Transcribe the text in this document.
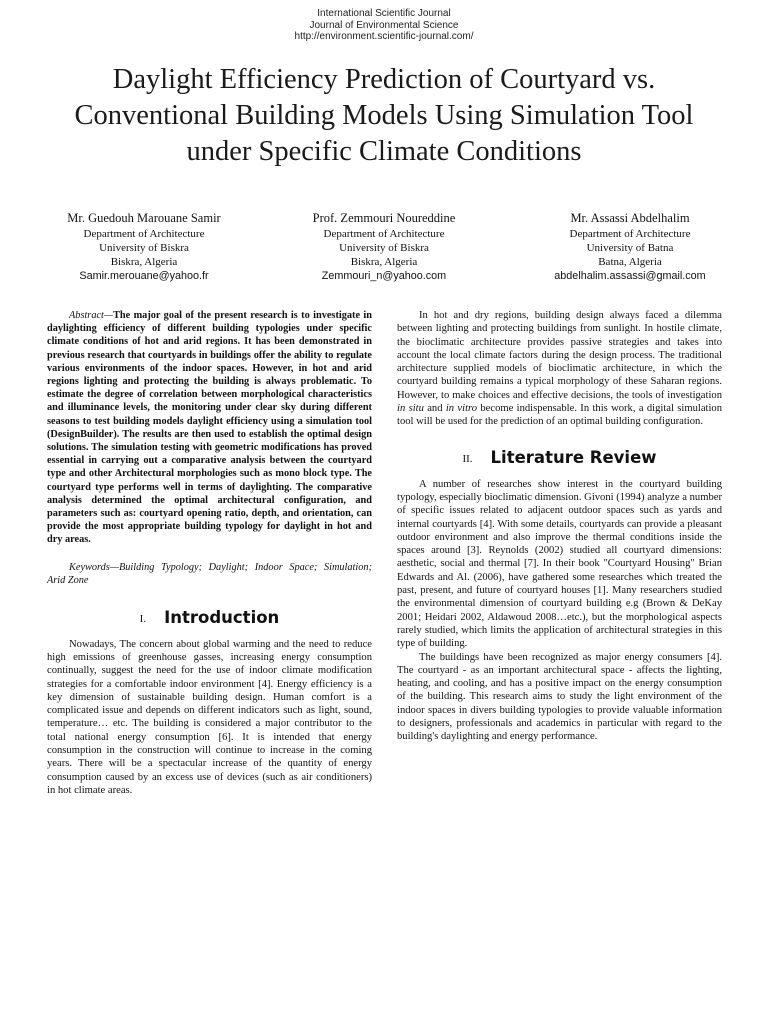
International Scientific Journal
Journal of Environmental Science
http://environment.scientific-journal.com/
Daylight Efficiency Prediction of Courtyard vs. Conventional Building Models Using Simulation Tool under Specific Climate Conditions
Mr. Guedouh Marouane Samir
Department of Architecture
University of Biskra
Biskra, Algeria
Samir.merouane@yahoo.fr
Prof. Zemmouri Noureddine
Department of Architecture
University of Biskra
Biskra, Algeria
Zemmouri_n@yahoo.com
Mr. Assassi Abdelhalim
Department of Architecture
University of Batna
Batna, Algeria
abdelhalim.assassi@gmail.com

Abstract—The major goal of the present research is to investigate in daylighting efficiency of different building typologies under specific climate conditions of hot and arid regions. It has been demonstrated in previous research that courtyards in buildings offer the ability to regulate various environments of the indoor spaces. However, in hot and arid regions lighting and protecting the building is always problematic. To estimate the degree of correlation between morphological characteristics and illuminance levels, the monitoring under clear sky during different seasons to test building models daylight efficiency using a simulation tool (DesignBuilder). The results are then used to establish the optimal design solutions. The simulation testing with geometric modifications has proved essential in carrying out a comparative analysis between the courtyard type and other Architectural morphologies such as mono block type. The courtyard type performs well in terms of daylighting. The comparative analysis determined the optimal architectural configuration, and parameters such as: courtyard opening ratio, depth, and orientation, can provide the most appropriate building typology for daylight in hot and dry areas.

Keywords—Building Typology; Daylight; Indoor Space; Simulation; Arid Zone

I. Introduction

Nowadays, The concern about global warming and the need to reduce high emissions of greenhouse gasses, increasing energy consumption continually, suggest the need for the use of indoor climate modification strategies for a comfortable indoor environment [4]. Energy efficiency is a key dimension of sustainable building design. Human comfort is a complicated issue and depends on different indicators such as light, sound, temperature… etc. The building is considered a major contributor to the total national energy consumption [6]. It is intended that energy consumption in the construction will continue to increase in the coming years. There will be a spectacular increase of the quantity of energy consumption caused by an excess use of devices (such as air conditioners) in hot climate areas.

In hot and dry regions, building design always faced a dilemma between lighting and protecting buildings from sunlight. In hostile climate, the bioclimatic architecture provides passive strategies and takes into account the local climate factors during the design process. The traditional architecture supplied models of bioclimatic architecture, in which the courtyard building remains a typical morphology of these Saharan regions. However, to make choices and effective decisions, the tools of investigation in situ and in vitro become indispensable. In this work, a digital simulation tool will be used for the prediction of an optimal building configuration.

II. Literature Review

A number of researches show interest in the courtyard building typology, especially bioclimatic dimension. Givoni (1994) analyze a number of specific issues related to adjacent outdoor spaces such as yards and internal courtyards [4]. With some details, courtyards can provide a pleasant outdoor environment and also improve the thermal conditions inside the spaces around [3]. Reynolds (2002) studied all courtyard dimensions: aesthetic, social and thermal [7]. In their book "Courtyard Housing" Brian Edwards and Al. (2006), have gathered some researches which treated the past, present, and future of courtyard houses [1]. Many researchers studied the environmental dimension of courtyard building e.g (Brown & DeKay 2001; Heidari 2002, Aldawoud 2008…etc.), but the morphological aspects rarely studied, which limits the application of architectural strategies in this type of building.

The buildings have been recognized as major energy consumers [4]. The courtyard - as an important architectural space - affects the lighting, heating, and cooling, and has a positive impact on the energy consumption of the building. This research aims to study the light environment of the indoor spaces in divers building typologies to provide valuable information to designers, professionals and academics in particular with regard to the building's daylighting and energy performance.
